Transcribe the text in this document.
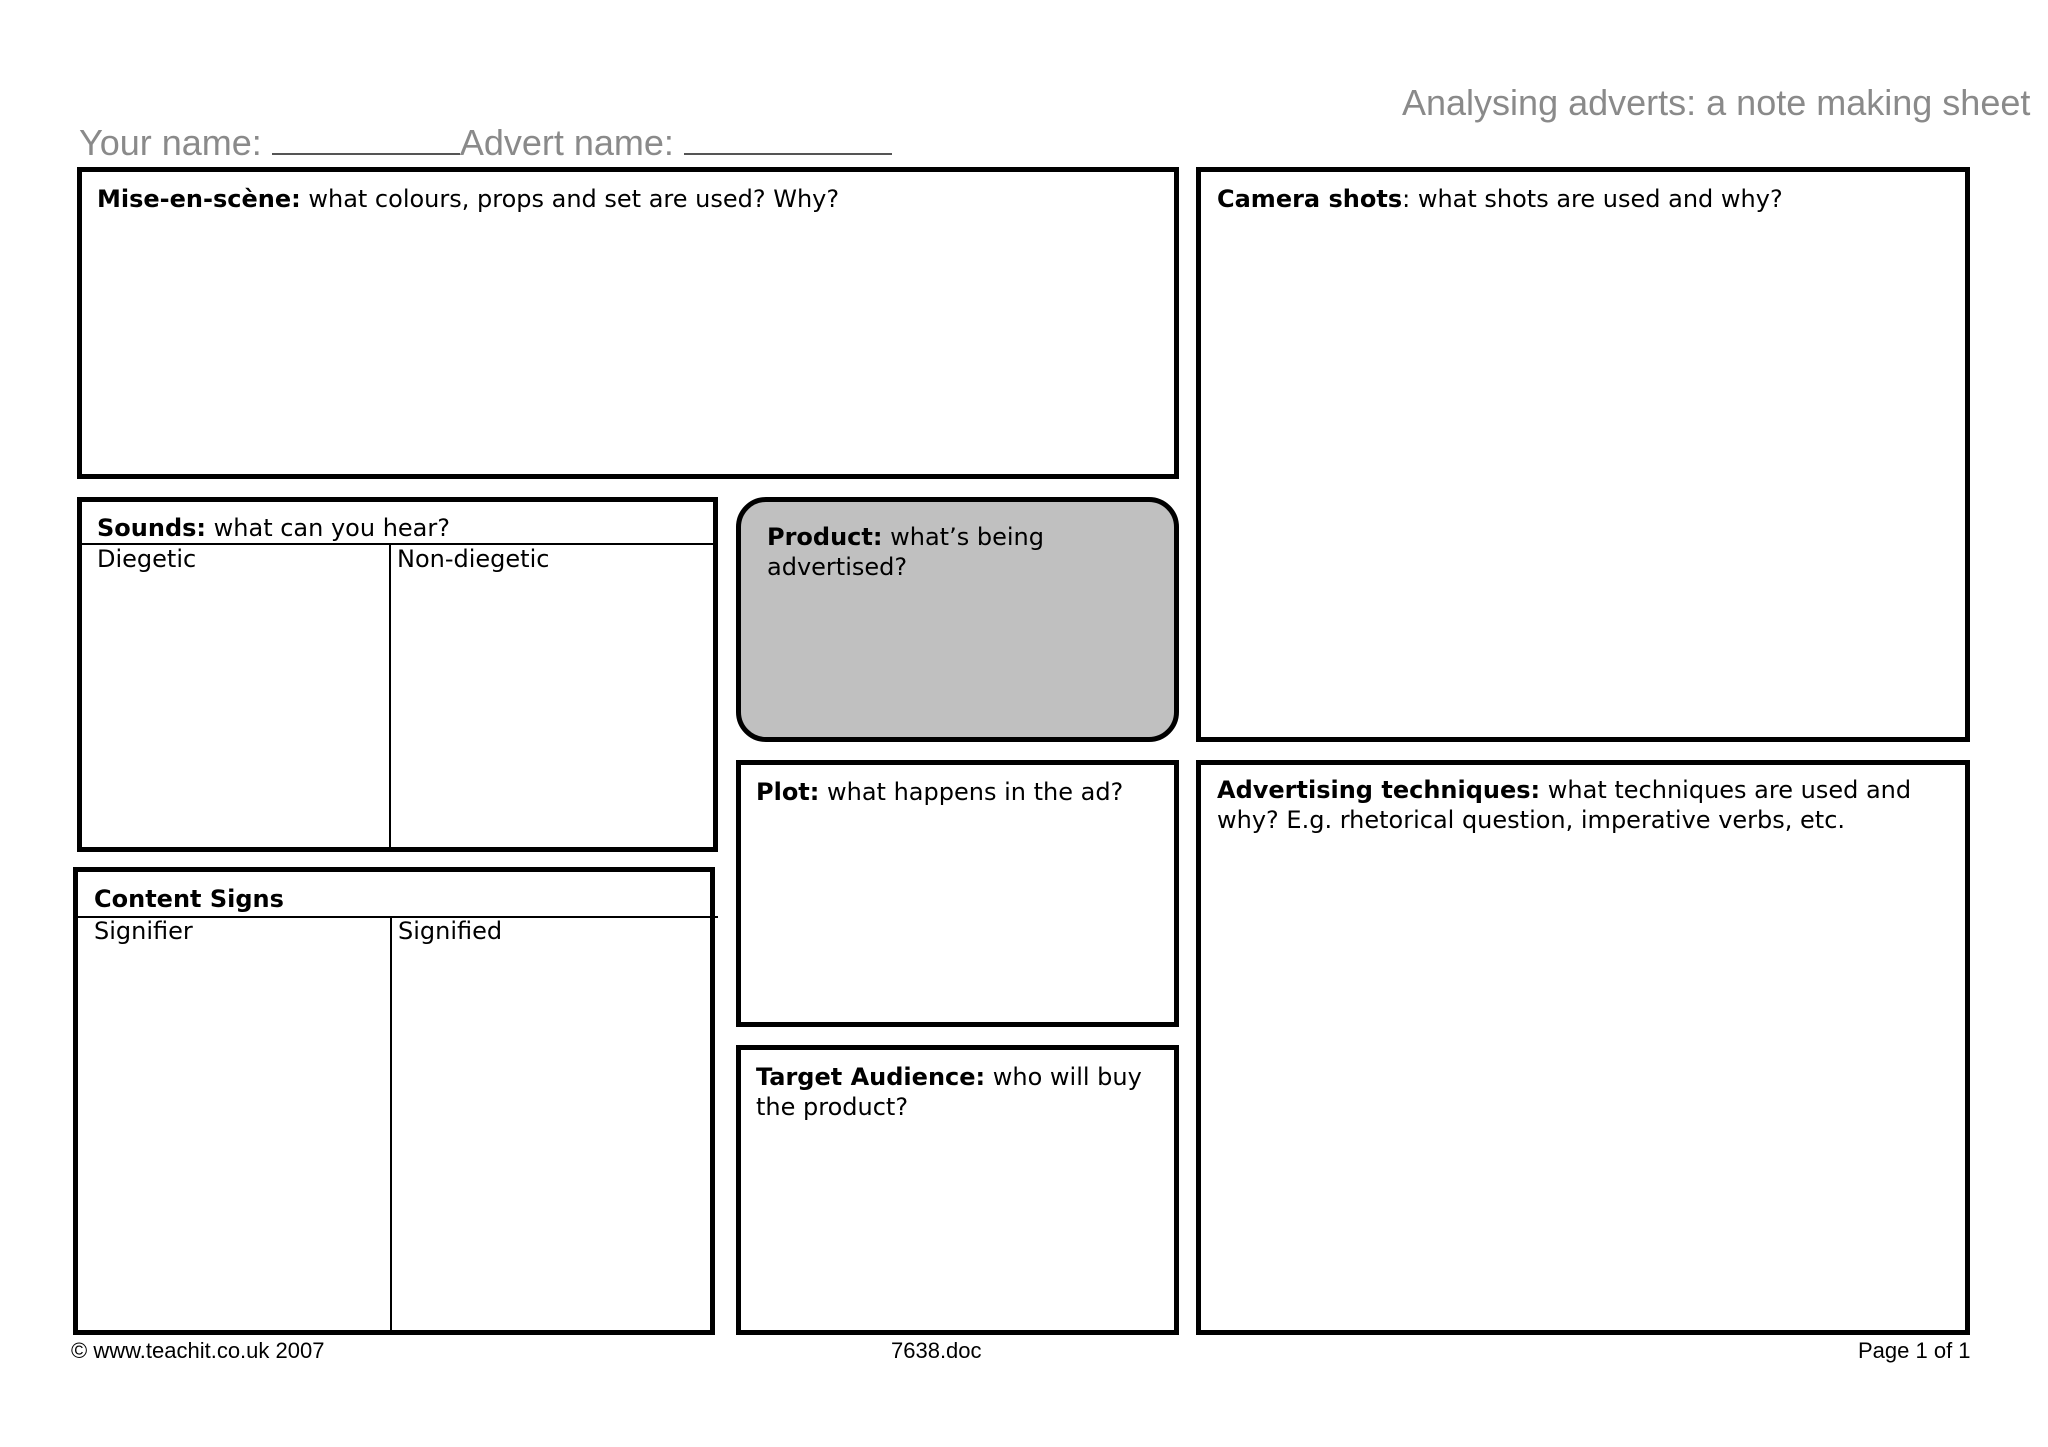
Analysing adverts: a note making sheet
Your name:	Advert name:
Mise-en-scène: what colours, props and set are used? Why?	Camera shots: what shots are used and why?
Sounds: what can you hear?
Diegetic	Non-diegetic
Product: what’s being advertised?
Plot: what happens in the ad?	Advertising techniques: what techniques are used and why? E.g. rhetorical question, imperative verbs, etc.
Content Signs
Signifier	Signified
Target Audience: who will buy the product?
© www.teachit.co.uk 2007	7638.doc	Page 1 of 1
